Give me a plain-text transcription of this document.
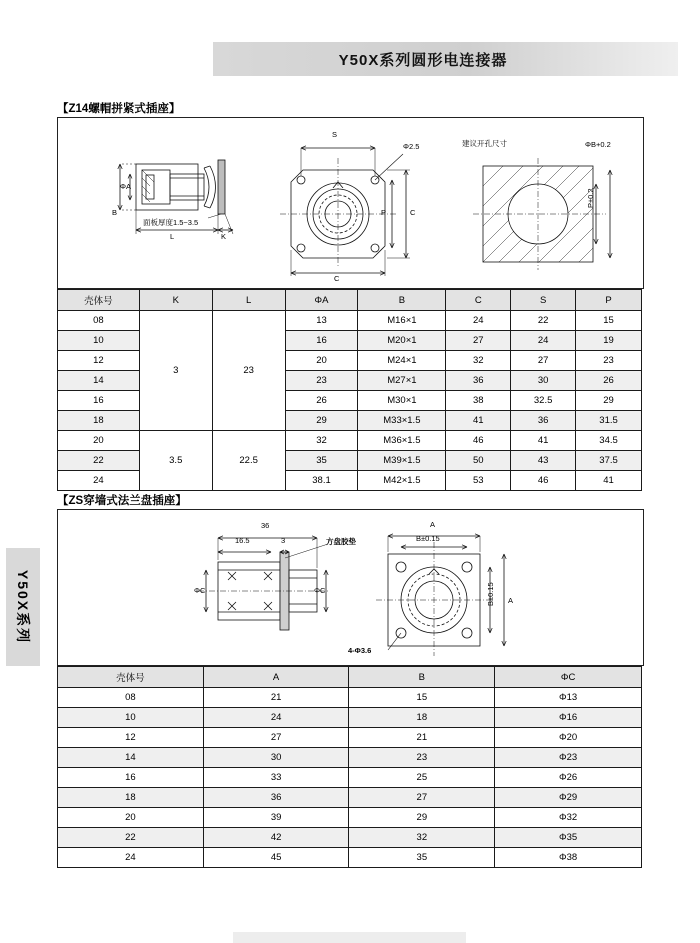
Y50X系列圆形电连接器
Y50X系列
【Z14螺帽拼紧式插座】
S
Φ2.5
C
P
C
B
ΦA
L	K
面板厚度1.5~3.5
建议开孔尺寸	ΦB+0.2
P±0.2
壳体号	K	L	ΦA	B	C	S	P
08	3	23	13	M16×1	24	22	15
10			16	M20×1	27	24	19
12			20	M24×1	32	27	23
14			23	M27×1	36	30	26
16			26	M30×1	38	32.5	29
18			29	M33×1.5	41	36	31.5
20	3.5	22.5	32	M36×1.5	46	41	34.5
22			35	M39×1.5	50	43	37.5
24			38.1	M42×1.5	53	46	41
【ZS穿墙式法兰盘插座】
36
16.5	3
ΦC	ΦC
方盘胶垫
A
B±0.15
B±0.15 A
4-Φ3.6
壳体号	A	B	ΦC
08	21	15	Φ13
10	24	18	Φ16
12	27	21	Φ20
14	30	23	Φ23
16	33	25	Φ26
18	36	27	Φ29
20	39	29	Φ32
22	42	32	Φ35
24	45	35	Φ38
